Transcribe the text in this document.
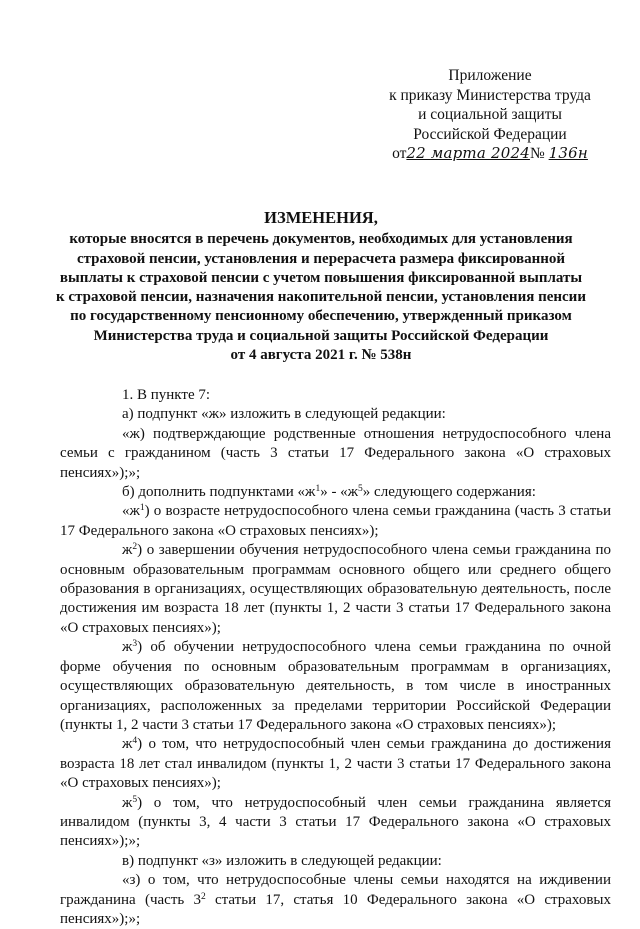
Приложение
к приказу Министерства труда
и социальной защиты
Российской Федерации
от22 марта 2024№ 136н
ИЗМЕНЕНИЯ,
которые вносятся в перечень документов, необходимых для установления
страховой пенсии, установления и перерасчета размера фиксированной
выплаты к страховой пенсии с учетом повышения фиксированной выплаты
к страховой пенсии, назначения накопительной пенсии, установления пенсии
по государственному пенсионному обеспечению, утвержденный приказом
Министерства труда и социальной защиты Российской Федерации
от 4 августа 2021 г. № 538н

1. В пункте 7:

а) подпункт «ж» изложить в следующей редакции:

«ж) подтверждающие родственные отношения нетрудоспособного члена семьи с гражданином (часть 3 статьи 17 Федерального закона «О страховых пенсиях»);»;

б) дополнить подпунктами «$ж^1$» - «$ж^5$» следующего содержания:

«$ж^1$) о возрасте нетрудоспособного члена семьи гражданина (часть 3 статьи 17 Федерального закона «О страховых пенсиях»);

$ж^2$) о завершении обучения нетрудоспособного члена семьи гражданина по основным образовательным программам основного общего или среднего общего образования в организациях, осуществляющих образовательную деятельность, после достижения им возраста 18 лет (пункты 1, 2 части 3 статьи 17 Федерального закона «О страховых пенсиях»);

$ж^3$) об обучении нетрудоспособного члена семьи гражданина по очной форме обучения по основным образовательным программам в организациях, осуществляющих образовательную деятельность, в том числе в иностранных организациях, расположенных за пределами территории Российской Федерации (пункты 1, 2 части 3 статьи 17 Федерального закона «О страховых пенсиях»);

$ж^4$) о том, что нетрудоспособный член семьи гражданина до достижения возраста 18 лет стал инвалидом (пункты 1, 2 части 3 статьи 17 Федерального закона «О страховых пенсиях»);

$ж^5$) о том, что нетрудоспособный член семьи гражданина является инвалидом (пункты 3, 4 части 3 статьи 17 Федерального закона «О страховых пенсиях»);»;

в) подпункт «з» изложить в следующей редакции:

«з) о том, что нетрудоспособные члены семьи находятся на иждивении гражданина (часть $3^2$ статьи 17, статья 10 Федерального закона «О страховых пенсиях»);»;
